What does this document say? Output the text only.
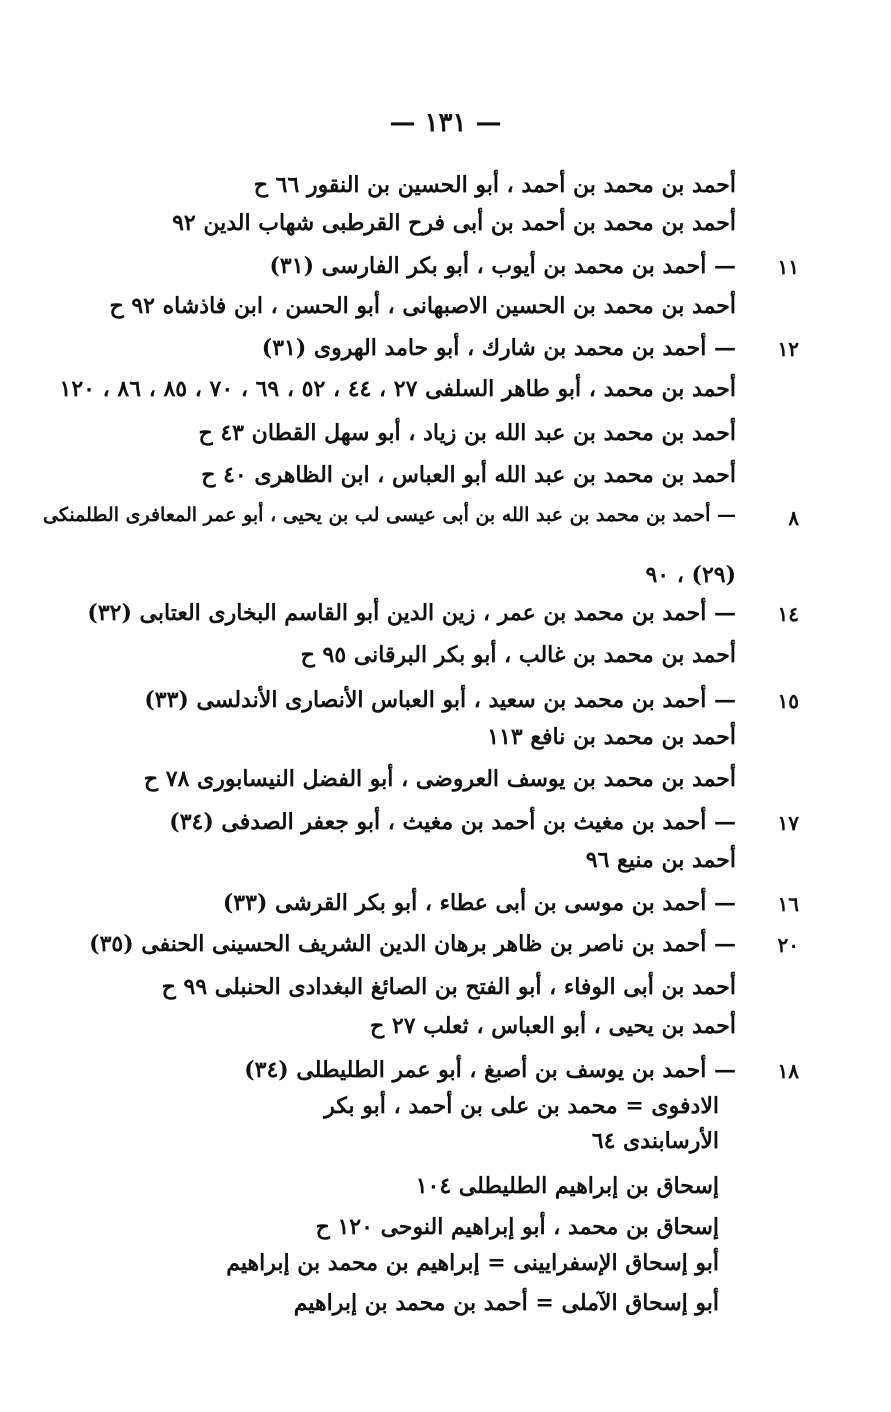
— ١٣١ —
أحمد بن محمد بن أحمد ، أبو الحسين بن النقور ٦٦ ح
أحمد بن محمد بن أحمد بن أبى فرح القرطبى شهاب الدين ٩٢
١١
— أحمد بن محمد بن أيوب ، أبو بكر الفارسى (٣١)
أحمد بن محمد بن الحسين الاصبهانى ، أبو الحسن ، ابن فاذشاه ٩٢ ح
١٢
— أحمد بن محمد بن شارك ، أبو حامد الهروى (٣١)
أحمد بن محمد ، أبو طاهر السلفى ٢٧ ، ٤٤ ، ٥٢ ، ٦٩ ، ٧٠ ، ٨٥ ، ٨٦ ، ١٢٠
أحمد بن محمد بن عبد الله بن زياد ، أبو سهل القطان ٤٣ ح
أحمد بن محمد بن عبد الله أبو العباس ، ابن الظاهرى ٤٠ ح
٨
— أحمد بن محمد بن عبد الله بن أبى عيسى لب بن يحيى ، أبو عمر المعافرى الطلمنكى
(٢٩) ، ٩٠
١٤
— أحمد بن محمد بن عمر ، زين الدين أبو القاسم البخارى العتابى (٣٢)
أحمد بن محمد بن غالب ، أبو بكر البرقانى ٩٥ ح
١٥
— أحمد بن محمد بن سعيد ، أبو العباس الأنصارى الأندلسى (٣٣)
أحمد بن محمد بن نافع ١١٣
أحمد بن محمد بن يوسف العروضى ، أبو الفضل النيسابورى ٧٨ ح
١٧
— أحمد بن مغيث بن أحمد بن مغيث ، أبو جعفر الصدفى (٣٤)
أحمد بن منيع ٩٦
١٦
— أحمد بن موسى بن أبى عطاء ، أبو بكر القرشى (٣٣)
٢٠
— أحمد بن ناصر بن ظاهر برهان الدين الشريف الحسينى الحنفى (٣٥)
أحمد بن أبى الوفاء ، أبو الفتح بن الصائغ البغدادى الحنبلى ٩٩ ح
أحمد بن يحيى ، أبو العباس ، ثعلب ٢٧ ح
١٨
— أحمد بن يوسف بن أصبغ ، أبو عمر الطليطلى (٣٤)
الادفوى = محمد بن على بن أحمد ، أبو بكر
الأرسابندى ٦٤
إسحاق بن إبراهيم الطليطلى ١٠٤
إسحاق بن محمد ، أبو إبراهيم النوحى ١٢٠ ح
أبو إسحاق الإسفرايينى = إبراهيم بن محمد بن إبراهيم
أبو إسحاق الآملى = أحمد بن محمد بن إبراهيم
